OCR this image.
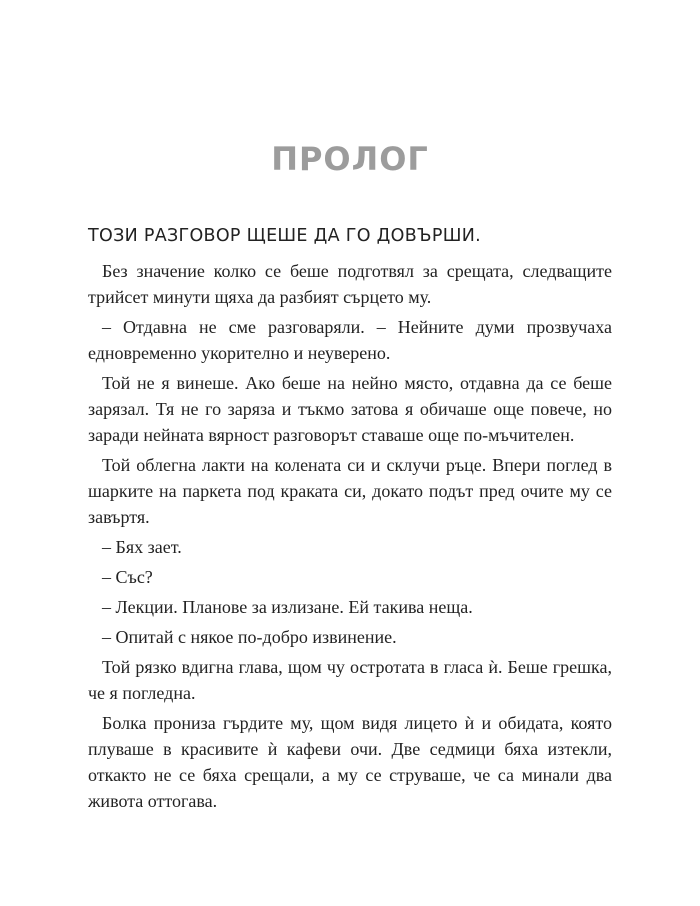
ПРОЛОГ
ТОЗИ РАЗГОВОР ЩЕШЕ ДА ГО ДОВЪРШИ.

Без значение колко се беше подготвял за срещата, следващите трийсет минути щяха да разбият сърцето му.

– Отдавна не сме разговаряли. – Нейните думи прозвучаха едновременно укорително и неуверено.

Той не я винеше. Ако беше на нейно място, отдавна да се беше зарязал. Тя не го заряза и тъкмо затова я обичаше още повече, но заради нейната вярност разговорът ставаше още по-мъчителен.

Той облегна лакти на колената си и склучи ръце. Впери поглед в шарките на паркета под краката си, докато подът пред очите му се завъртя.

– Бях зает.

– Със?

– Лекции. Планове за излизане. Ей такива неща.

– Опитай с някое по-добро извинение.

Той рязко вдигна глава, щом чу остротата в гласа ѝ. Беше грешка, че я погледна.

Болка прониза гърдите му, щом видя лицето ѝ и обидата, която плуваше в красивите ѝ кафеви очи. Две седмици бяха изтекли, откакто не се бяха срещали, а му се струваше, че са минали два живота оттогава.
